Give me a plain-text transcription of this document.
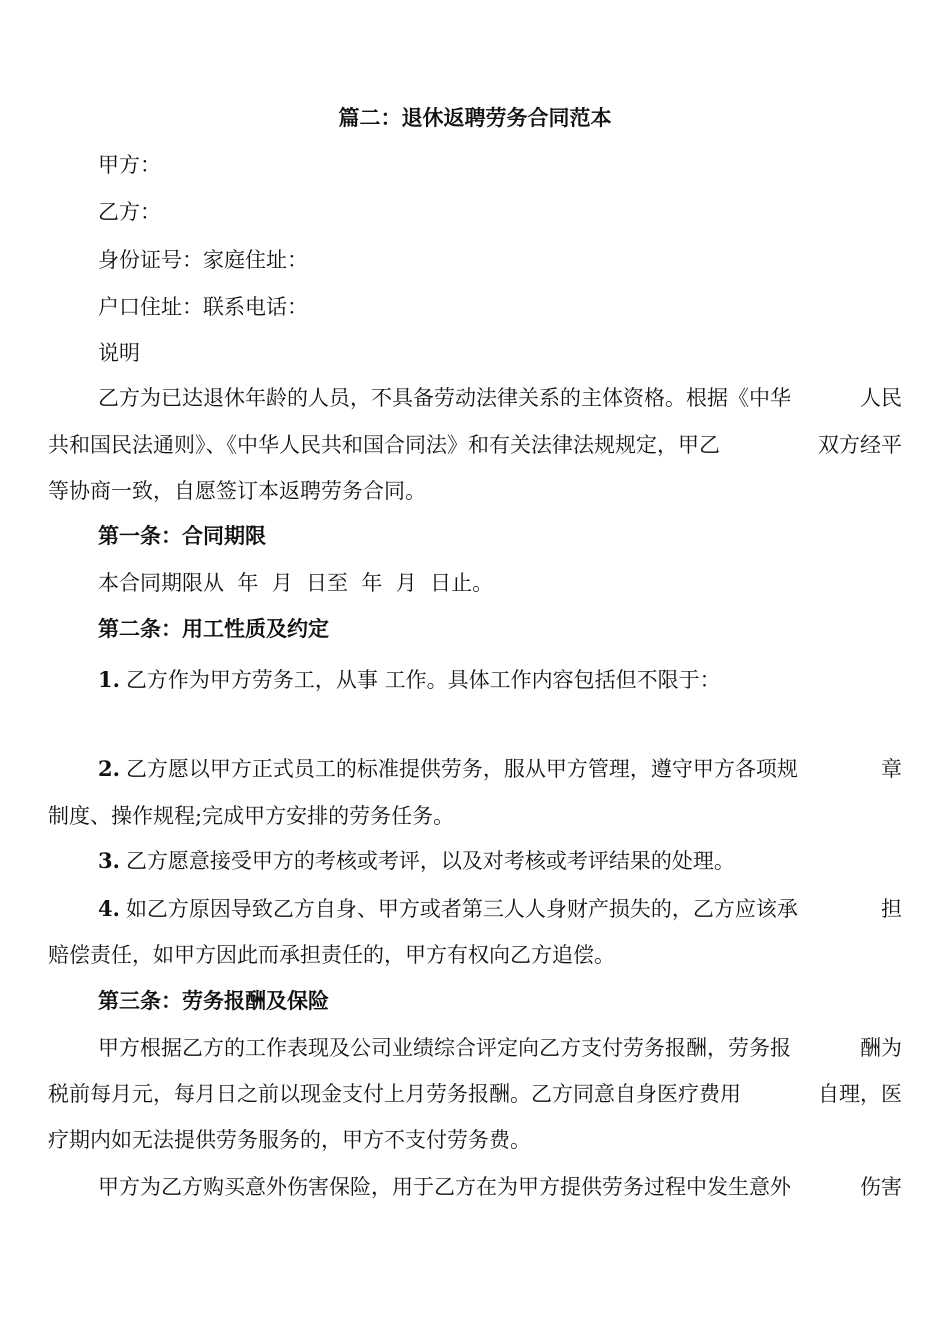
篇二：退休返聘劳务合同范本
甲方：
乙方：
身份证号：家庭住址：
户口住址：联系电话：
说明
乙方为已达退休年龄的人员，不具备劳动法律关系的主体资格。根据《中华	人民
共和国民法通则》、《中华人民共和国合同法》和有关法律法规规定，甲乙	双方经平
等协商一致，自愿签订本返聘劳务合同。
第一条：合同期限
本合同期限从  年  月  日至  年  月  日止。
第二条：用工性质及约定
1. 乙方作为甲方劳务工，从事 工作。具体工作内容包括但不限于：
2. 乙方愿以甲方正式员工的标准提供劳务，服从甲方管理，遵守甲方各项规	章
制度、操作规程;完成甲方安排的劳务任务。
3. 乙方愿意接受甲方的考核或考评，以及对考核或考评结果的处理。
4. 如乙方原因导致乙方自身、甲方或者第三人人身财产损失的，乙方应该承	担
赔偿责任，如甲方因此而承担责任的，甲方有权向乙方追偿。
第三条：劳务报酬及保险
甲方根据乙方的工作表现及公司业绩综合评定向乙方支付劳务报酬，劳务报	酬为
税前每月元，每月日之前以现金支付上月劳务报酬。乙方同意自身医疗费用	自理，医
疗期内如无法提供劳务服务的，甲方不支付劳务费。
甲方为乙方购买意外伤害保险，用于乙方在为甲方提供劳务过程中发生意外	伤害
